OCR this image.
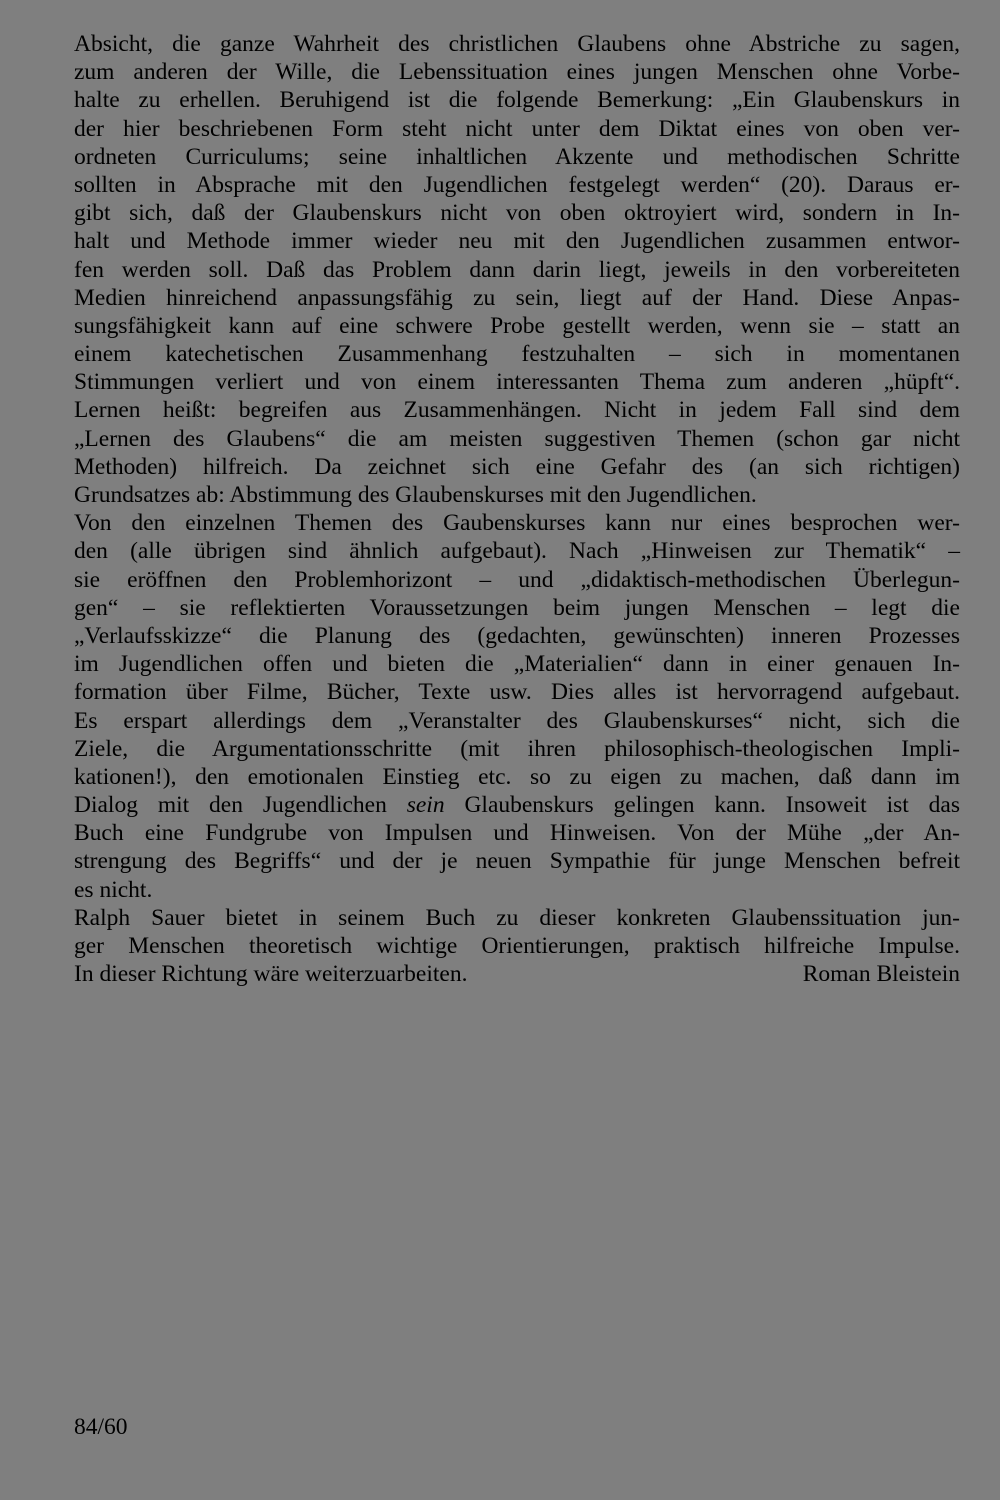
Absicht, die ganze Wahrheit des christlichen Glaubens ohne Abstriche zu sagen,
zum anderen der Wille, die Lebenssituation eines jungen Menschen ohne Vorbe-
halte zu erhellen. Beruhigend ist die folgende Bemerkung: „Ein Glaubenskurs in
der hier beschriebenen Form steht nicht unter dem Diktat eines von oben ver-
ordneten Curriculums; seine inhaltlichen Akzente und methodischen Schritte
sollten in Absprache mit den Jugendlichen festgelegt werden“ (20). Daraus er-
gibt sich, daß der Glaubenskurs nicht von oben oktroyiert wird, sondern in In-
halt und Methode immer wieder neu mit den Jugendlichen zusammen entwor-
fen werden soll. Daß das Problem dann darin liegt, jeweils in den vorbereiteten
Medien hinreichend anpassungsfähig zu sein, liegt auf der Hand. Diese Anpas-
sungsfähigkeit kann auf eine schwere Probe gestellt werden, wenn sie – statt an
einem katechetischen Zusammenhang festzuhalten – sich in momentanen
Stimmungen verliert und von einem interessanten Thema zum anderen „hüpft“.
Lernen heißt: begreifen aus Zusammenhängen. Nicht in jedem Fall sind dem
„Lernen des Glaubens“ die am meisten suggestiven Themen (schon gar nicht
Methoden) hilfreich. Da zeichnet sich eine Gefahr des (an sich richtigen)
Grundsatzes ab: Abstimmung des Glaubenskurses mit den Jugendlichen.
Von den einzelnen Themen des Gaubenskurses kann nur eines besprochen wer-
den (alle übrigen sind ähnlich aufgebaut). Nach „Hinweisen zur Thematik“ –
sie eröffnen den Problemhorizont – und „didaktisch-methodischen Überlegun-
gen“ – sie reflektierten Voraussetzungen beim jungen Menschen – legt die
„Verlaufsskizze“ die Planung des (gedachten, gewünschten) inneren Prozesses
im Jugendlichen offen und bieten die „Materialien“ dann in einer genauen In-
formation über Filme, Bücher, Texte usw. Dies alles ist hervorragend aufgebaut.
Es erspart allerdings dem „Veranstalter des Glaubenskurses“ nicht, sich die
Ziele, die Argumentationsschritte (mit ihren philosophisch-theologischen Impli-
kationen!), den emotionalen Einstieg etc. so zu eigen zu machen, daß dann im
Dialog mit den Jugendlichen sein Glaubenskurs gelingen kann. Insoweit ist das
Buch eine Fundgrube von Impulsen und Hinweisen. Von der Mühe „der An-
strengung des Begriffs“ und der je neuen Sympathie für junge Menschen befreit
es nicht.
Ralph Sauer bietet in seinem Buch zu dieser konkreten Glaubenssituation jun-
ger Menschen theoretisch wichtige Orientierungen, praktisch hilfreiche Impulse.
In dieser Richtung wäre weiterzuarbeiten.	Roman Bleistein
84/60
